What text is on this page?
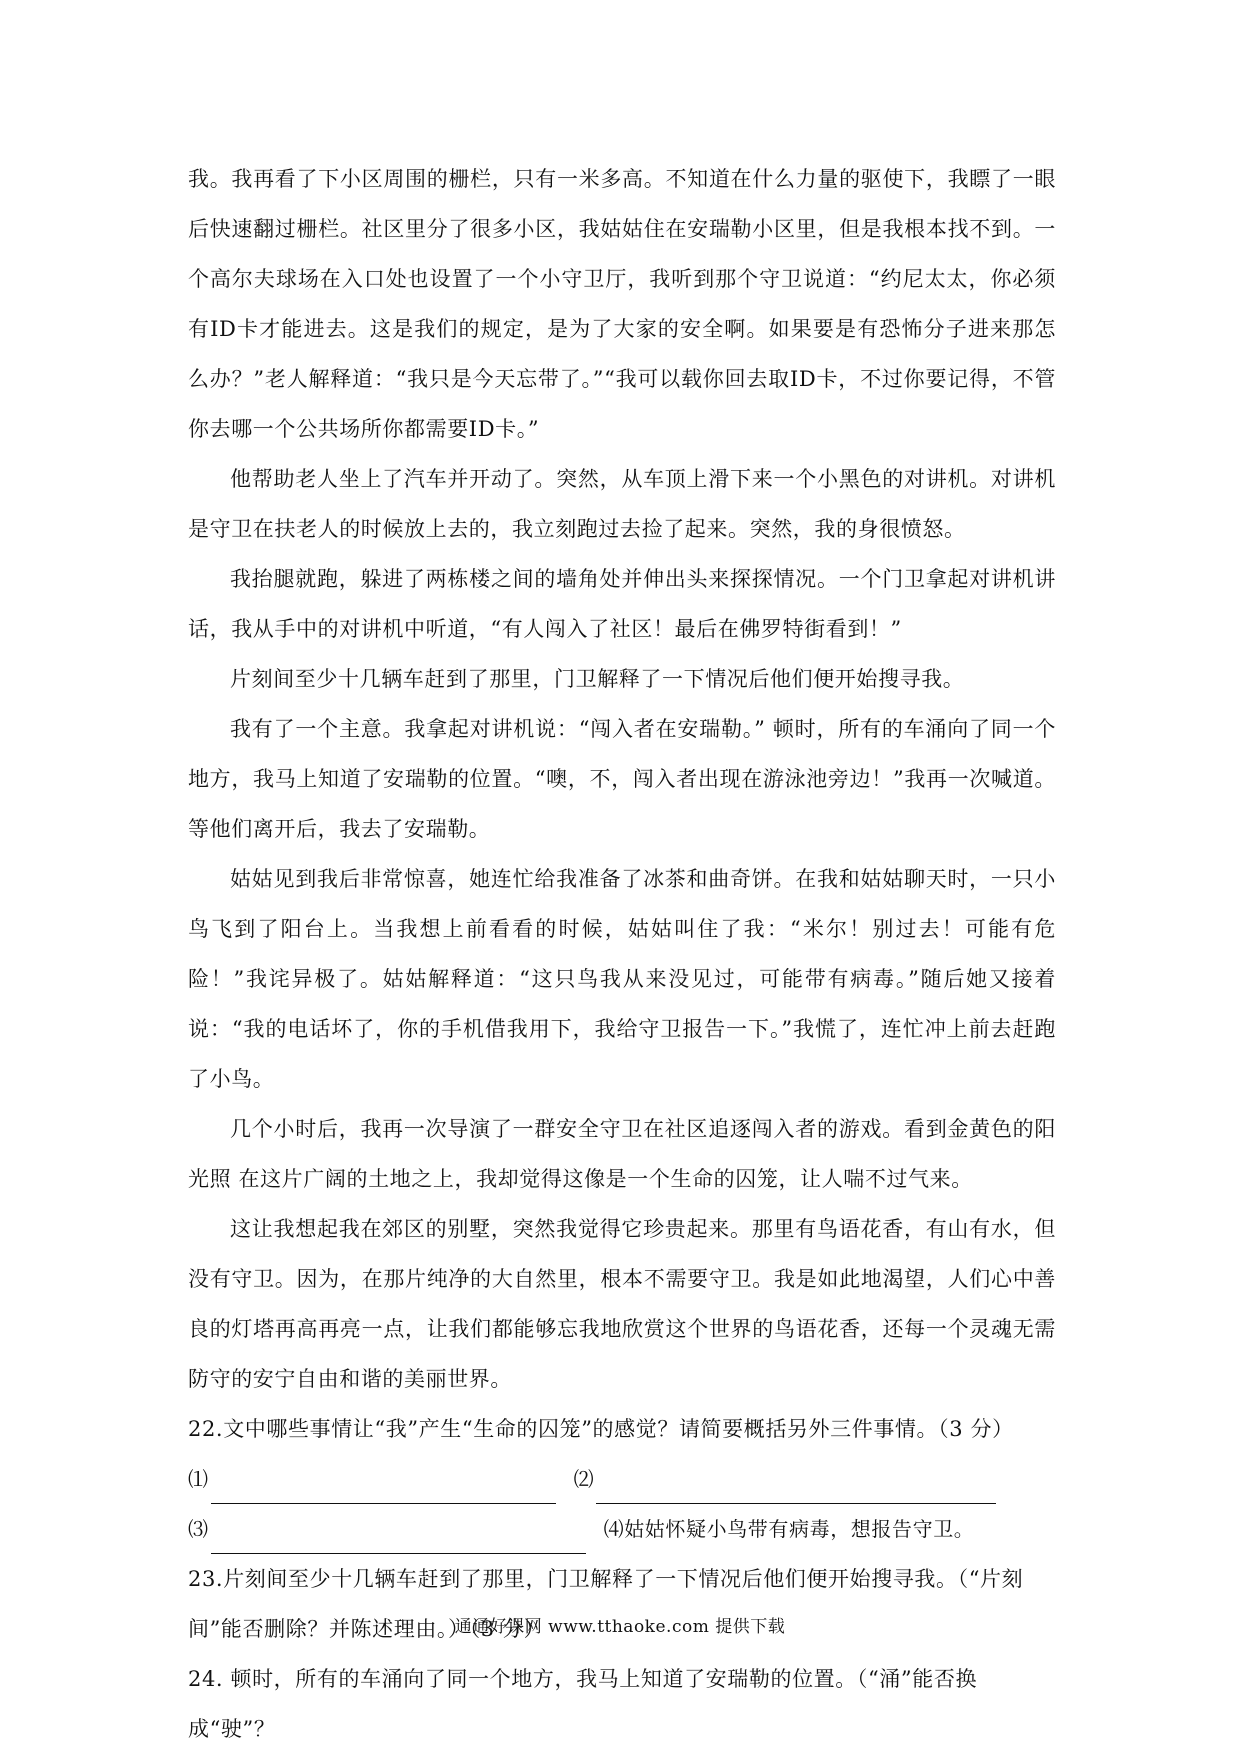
我。我再看了下小区周围的栅栏，只有一米多高。不知道在什么力量的驱使下，我瞟了一眼后快速翻过栅栏。社区里分了很多小区，我姑姑住在安瑞勒小区里，但是我根本找不到。一个高尔夫球场在入口处也设置了一个小守卫厅，我听到那个守卫说道：“约尼太太，你必须有ID卡才能进去。这是我们的规定，是为了大家的安全啊。如果要是有恐怖分子进来那怎么办？”老人解释道：“我只是今天忘带了。”“我可以载你回去取ID卡，不过你要记得，不管你去哪一个公共场所你都需要ID卡。”

他帮助老人坐上了汽车并开动了。突然，从车顶上滑下来一个小黑色的对讲机。对讲机是守卫在扶老人的时候放上去的，我立刻跑过去捡了起来。突然，我的身很愤怒。

我抬腿就跑，躲进了两栋楼之间的墙角处并伸出头来探探情况。一个门卫拿起对讲机讲话，我从手中的对讲机中听道，“有人闯入了社区！最后在佛罗特街看到！”

片刻间至少十几辆车赶到了那里，门卫解释了一下情况后他们便开始搜寻我。

我有了一个主意。我拿起对讲机说：“闯入者在安瑞勒。” 顿时，所有的车涌向了同一个地方，我马上知道了安瑞勒的位置。“噢，不，闯入者出现在游泳池旁边！”我再一次喊道。等他们离开后，我去了安瑞勒。

姑姑见到我后非常惊喜，她连忙给我准备了冰茶和曲奇饼。在我和姑姑聊天时，一只小鸟飞到了阳台上。当我想上前看看的时候，姑姑叫住了我：“米尔！别过去！可能有危险！”我诧异极了。姑姑解释道：“这只鸟我从来没见过，可能带有病毒。”随后她又接着说：“我的电话坏了，你的手机借我用下，我给守卫报告一下。”我慌了，连忙冲上前去赶跑了小鸟。

几个小时后，我再一次导演了一群安全守卫在社区追逐闯入者的游戏。看到金黄色的阳光照 在这片广阔的土地之上，我却觉得这像是一个生命的囚笼，让人喘不过气来。

这让我想起我在郊区的别墅，突然我觉得它珍贵起来。那里有鸟语花香，有山有水，但没有守卫。因为，在那片纯净的大自然里，根本不需要守卫。我是如此地渴望，人们心中善良的灯塔再高再亮一点，让我们都能够忘我地欣赏这个世界的鸟语花香，还每一个灵魂无需防守的安宁自由和谐的美丽世界。

22.文中哪些事情让“我”产生“生命的囚笼”的感觉？请简要概括另外三件事情。（3 分）

⑴	⑵
⑶	⑷姑姑怀疑小鸟带有病毒，想报告守卫。

23.片刻间至少十几辆车赶到了那里，门卫解释了一下情况后他们便开始搜寻我。（“片刻间”能否删除？并陈述理由。）（3 分）

24. 顿时，所有的车涌向了同一个地方，我马上知道了安瑞勒的位置。（“涌”能否换成“驶”？

通通好课网 www.tthaoke.com 提供下载
